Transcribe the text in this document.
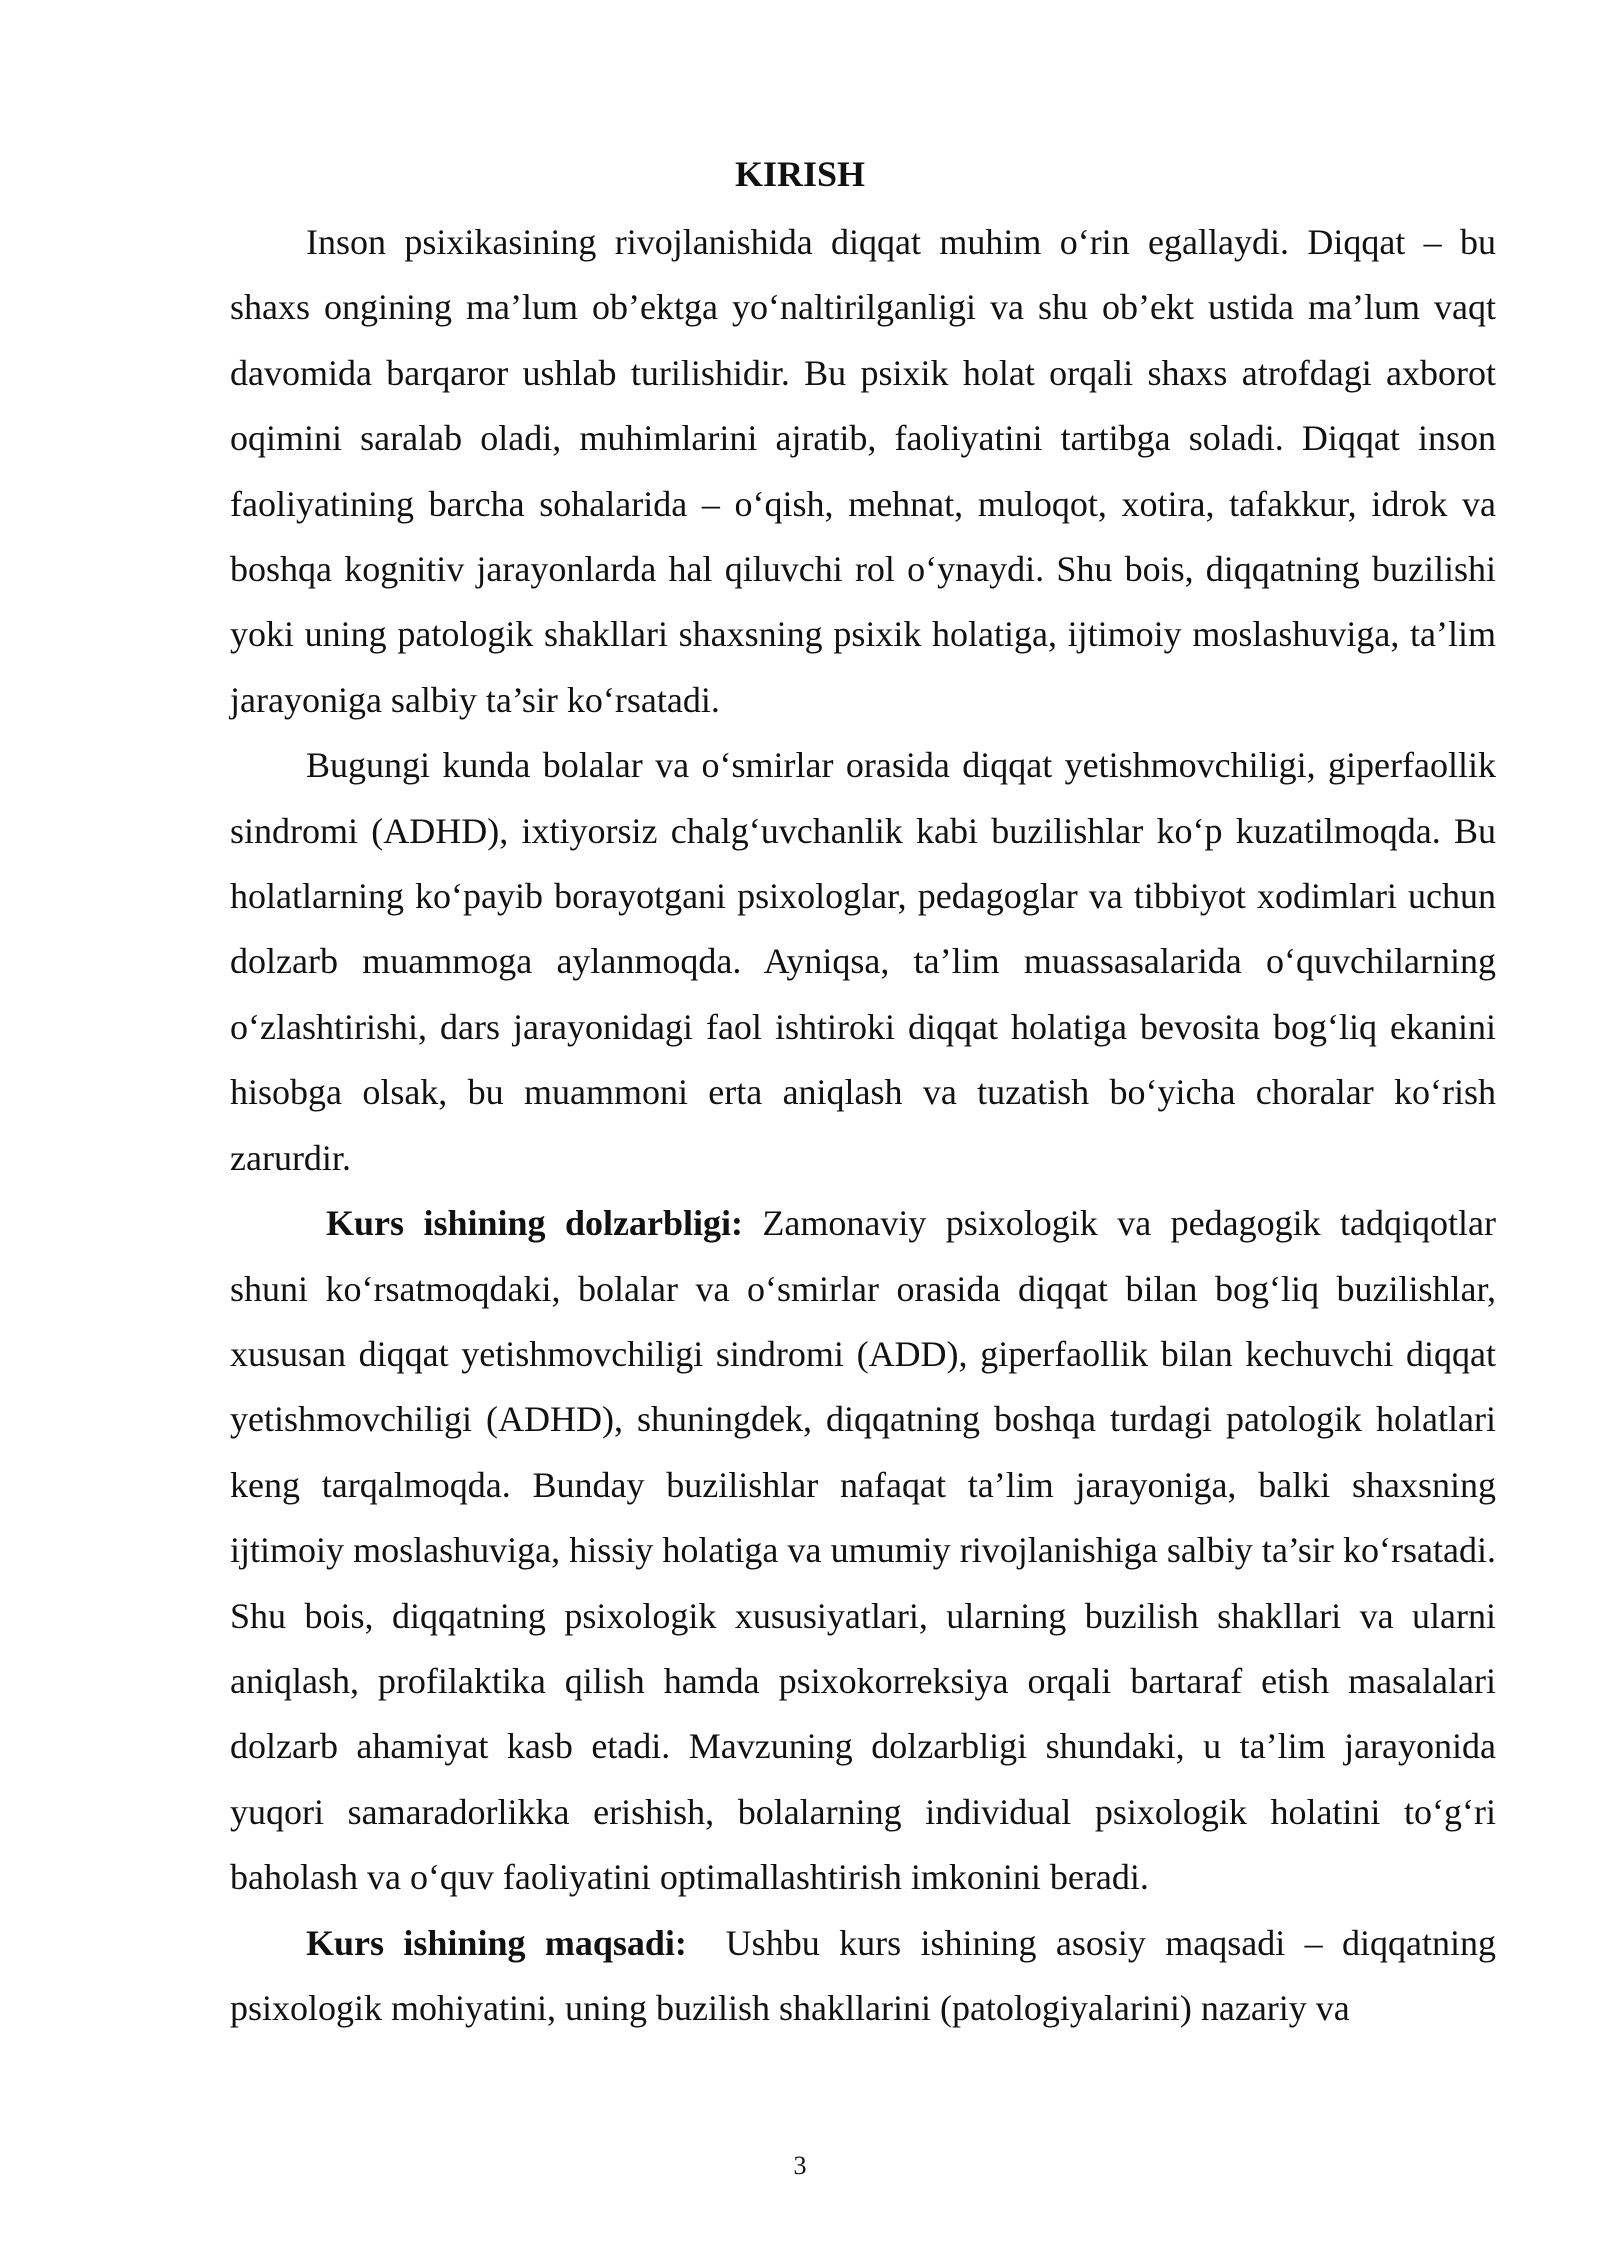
KIRISH

Inson psixikasining rivojlanishida diqqat muhim o‘rin egallaydi. Diqqat – bu shaxs ongining ma’lum ob’ektga yo‘naltirilganligi va shu ob’ekt ustida ma’lum vaqt davomida barqaror ushlab turilishidir. Bu psixik holat orqali shaxs atrofdagi axborot oqimini saralab oladi, muhimlarini ajratib, faoliyatini tartibga soladi. Diqqat inson faoliyatining barcha sohalarida – o‘qish, mehnat, muloqot, xotira, tafakkur, idrok va boshqa kognitiv jarayonlarda hal qiluvchi rol o‘ynaydi. Shu bois, diqqatning buzilishi yoki uning patologik shakllari shaxsning psixik holatiga, ijtimoiy moslashuviga, ta’lim jarayoniga salbiy ta’sir ko‘rsatadi.

Bugungi kunda bolalar va o‘smirlar orasida diqqat yetishmovchiligi, giperfaollik sindromi (ADHD), ixtiyorsiz chalg‘uvchanlik kabi buzilishlar ko‘p kuzatilmoqda. Bu holatlarning ko‘payib borayotgani psixologlar, pedagoglar va tibbiyot xodimlari uchun dolzarb muammoga aylanmoqda. Ayniqsa, ta’lim muassasalarida o‘quvchilarning o‘zlashtirishi, dars jarayonidagi faol ishtiroki diqqat holatiga bevosita bog‘liq ekanini hisobga olsak, bu muammoni erta aniqlash va tuzatish bo‘yicha choralar ko‘rish zarurdir.

Kurs ishining dolzarbligi: Zamonaviy psixologik va pedagogik tadqiqotlar shuni ko‘rsatmoqdaki, bolalar va o‘smirlar orasida diqqat bilan bog‘liq buzilishlar, xususan diqqat yetishmovchiligi sindromi (ADD), giperfaollik bilan kechuvchi diqqat yetishmovchiligi (ADHD), shuningdek, diqqatning boshqa turdagi patologik holatlari keng tarqalmoqda. Bunday buzilishlar nafaqat ta’lim jarayoniga, balki shaxsning ijtimoiy moslashuviga, hissiy holatiga va umumiy rivojlanishiga salbiy ta’sir ko‘rsatadi. Shu bois, diqqatning psixologik xususiyatlari, ularning buzilish shakllari va ularni aniqlash, profilaktika qilish hamda psixokorreksiya orqali bartaraf etish masalalari dolzarb ahamiyat kasb etadi. Mavzuning dolzarbligi shundaki, u ta’lim jarayonida yuqori samaradorlikka erishish, bolalarning individual psixologik holatini to‘g‘ri baholash va o‘quv faoliyatini optimallashtirish imkonini beradi.

Kurs ishining maqsadi:  Ushbu kurs ishining asosiy maqsadi – diqqatning psixologik mohiyatini, uning buzilish shakllarini (patologiyalarini) nazariy va

3
